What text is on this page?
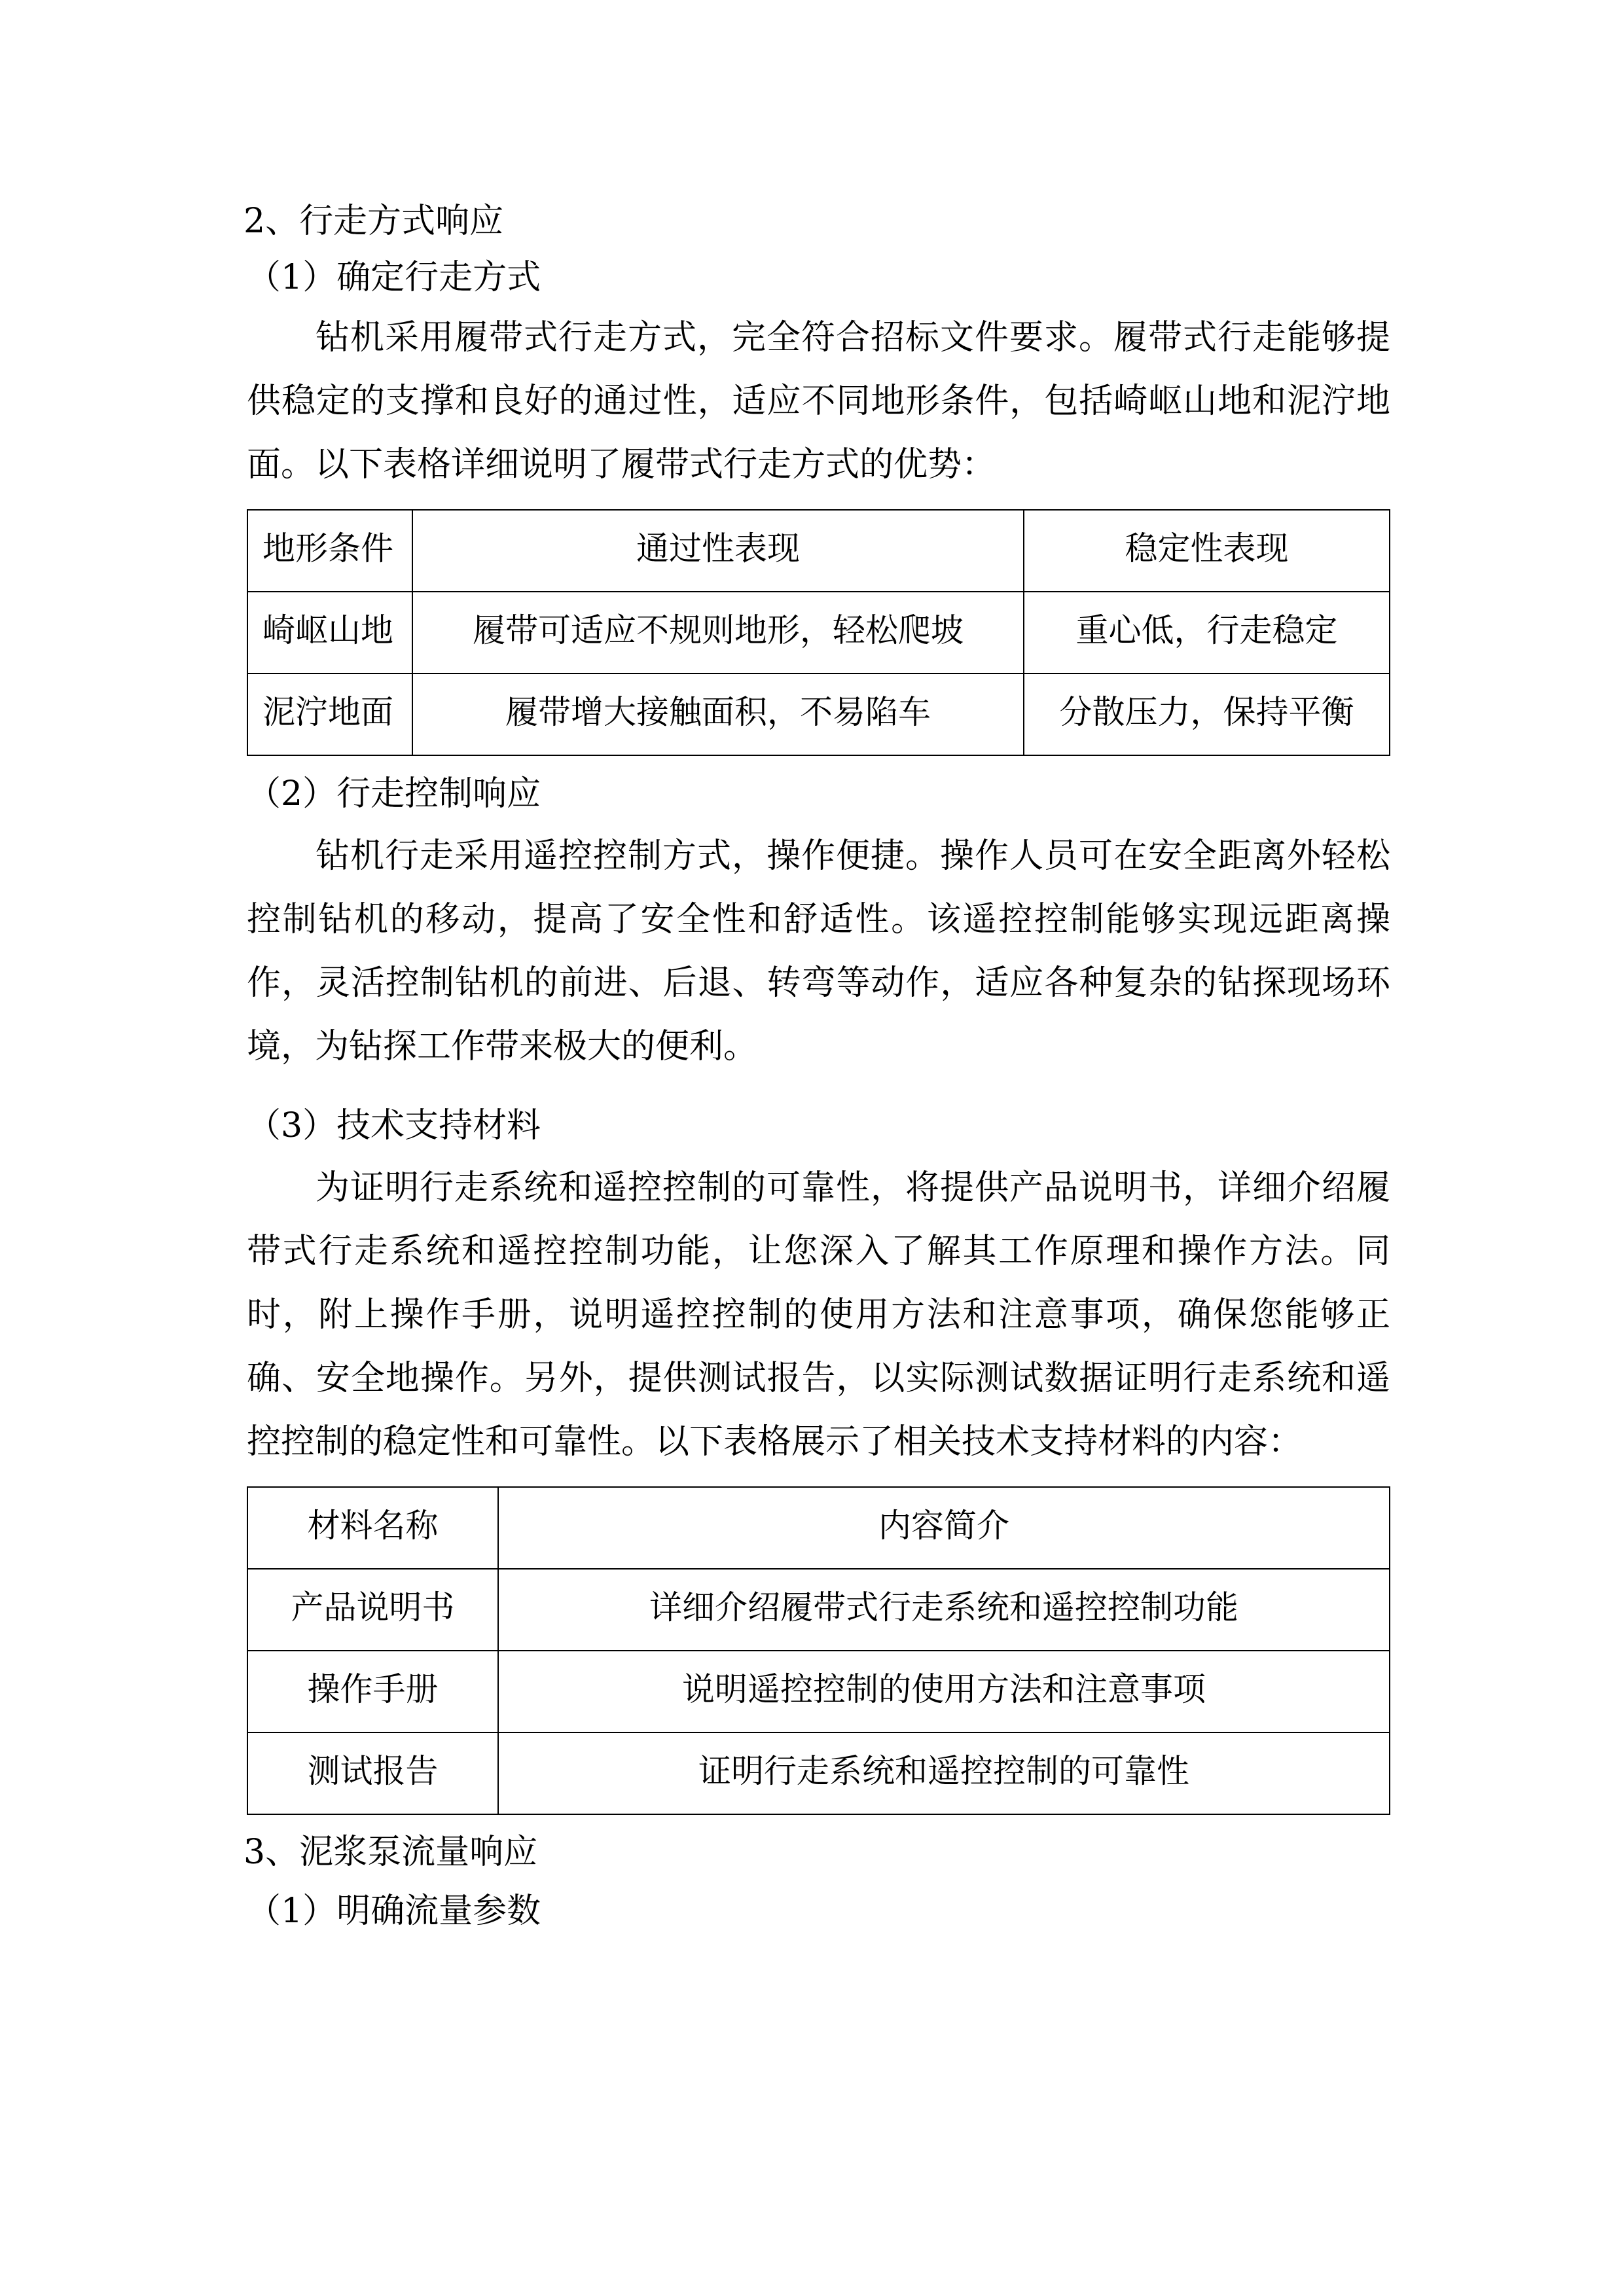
2、行走方式响应
（1）确定行走方式
钻机采用履带式行走方式，完全符合招标文件要求。履带式行走能够提供稳定的支撑和良好的通过性，适应不同地形条件，包括崎岖山地和泥泞地面。以下表格详细说明了履带式行走方式的优势：
地形条件	通过性表现	稳定性表现
崎岖山地	履带可适应不规则地形，轻松爬坡	重心低，行走稳定
泥泞地面	履带增大接触面积，不易陷车	分散压力，保持平衡
（2）行走控制响应
钻机行走采用遥控控制方式，操作便捷。操作人员可在安全距离外轻松控制钻机的移动，提高了安全性和舒适性。该遥控控制能够实现远距离操作，灵活控制钻机的前进、后退、转弯等动作，适应各种复杂的钻探现场环境，为钻探工作带来极大的便利。
（3）技术支持材料
为证明行走系统和遥控控制的可靠性，将提供产品说明书，详细介绍履带式行走系统和遥控控制功能，让您深入了解其工作原理和操作方法。同时，附上操作手册，说明遥控控制的使用方法和注意事项，确保您能够正确、安全地操作。另外，提供测试报告，以实际测试数据证明行走系统和遥控控制的稳定性和可靠性。以下表格展示了相关技术支持材料的内容：
材料名称	内容简介
产品说明书	详细介绍履带式行走系统和遥控控制功能
操作手册	说明遥控控制的使用方法和注意事项
测试报告	证明行走系统和遥控控制的可靠性
3、泥浆泵流量响应
（1）明确流量参数
